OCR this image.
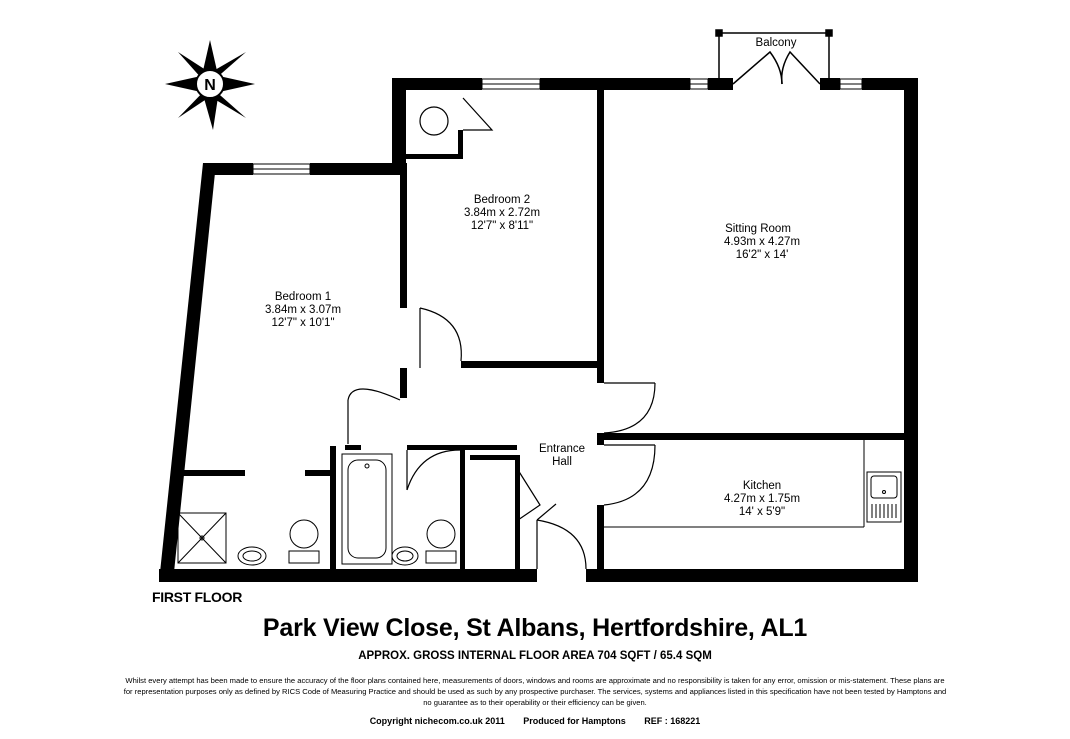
N
Balcony
Bedroom 1
3.84m x 3.07m
12'7" x 10'1"
Bedroom 2
3.84m x 2.72m
12'7" x 8'11"	Sitting Room
4.93m x 4.27m
16'2" x 14'
Kitchen
4.27m x 1.75m
14' x 5'9"
Entrance
Hall
FIRST FLOOR
Park View Close, St Albans, Hertfordshire, AL1
APPROX. GROSS INTERNAL FLOOR AREA 704 SQFT / 65.4 SQM
Whilst every attempt has been made to ensure the accuracy of the floor plans contained here, measurements of doors, windows and rooms are approximate and no responsibility is taken for any error, omission or mis-statement. These plans are for representation purposes only as defined by RICS Code of Measuring Practice and should be used as such by any prospective purchaser. The services, systems and appliances listed in this specification have not been tested by Hamptons and no guarantee as to their operability or their efficiency can be given.
Copyright nichecom.co.uk 2011 Produced for Hamptons REF : 168221
